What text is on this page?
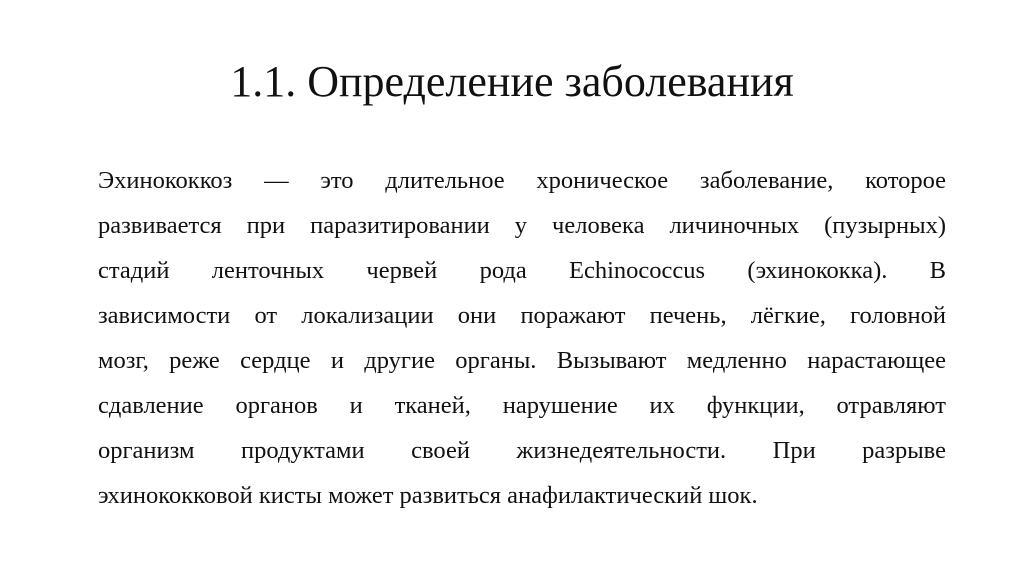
1.1. Определение заболевания
Эхинококкоз — это длительное хроническое заболевание, которое
развивается при паразитировании у человека личиночных (пузырных)
стадий ленточных червей рода Echinococcus (эхинококка). В
зависимости от локализации они поражают печень, лёгкие, головной
мозг, реже сердце и другие органы. Вызывают медленно нарастающее
сдавление органов и тканей, нарушение их функции, отравляют
организм продуктами своей жизнедеятельности. При разрыве
эхинококковой кисты может развиться анафилактический шок.
